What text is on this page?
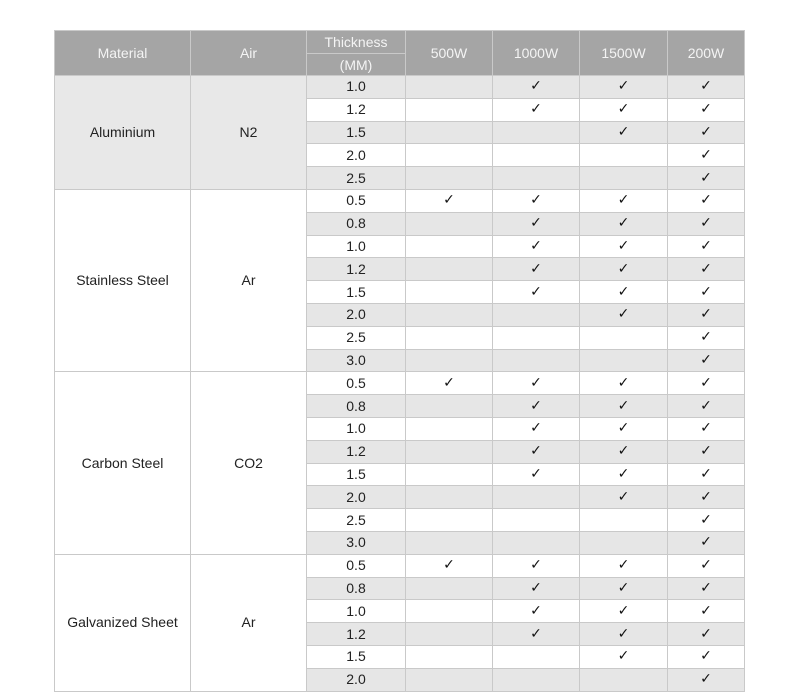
Material	Air	Thickness	500W	1000W	1500W	200W
		(MM)				
Aluminium	N2	1.0		✓	✓	✓
		1.2		✓	✓	✓
		1.5			✓	✓
		2.0				✓
		2.5				✓
Stainless Steel	Ar	0.5	✓	✓	✓	✓
		0.8		✓	✓	✓
		1.0		✓	✓	✓
		1.2		✓	✓	✓
		1.5		✓	✓	✓
		2.0			✓	✓
		2.5				✓
		3.0				✓
Carbon Steel	CO2	0.5	✓	✓	✓	✓
		0.8		✓	✓	✓
		1.0		✓	✓	✓
		1.2		✓	✓	✓
		1.5		✓	✓	✓
		2.0			✓	✓
		2.5				✓
		3.0				✓
Galvanized Sheet	Ar	0.5	✓	✓	✓	✓
		0.8		✓	✓	✓
		1.0		✓	✓	✓
		1.2		✓	✓	✓
		1.5			✓	✓
		2.0				✓
